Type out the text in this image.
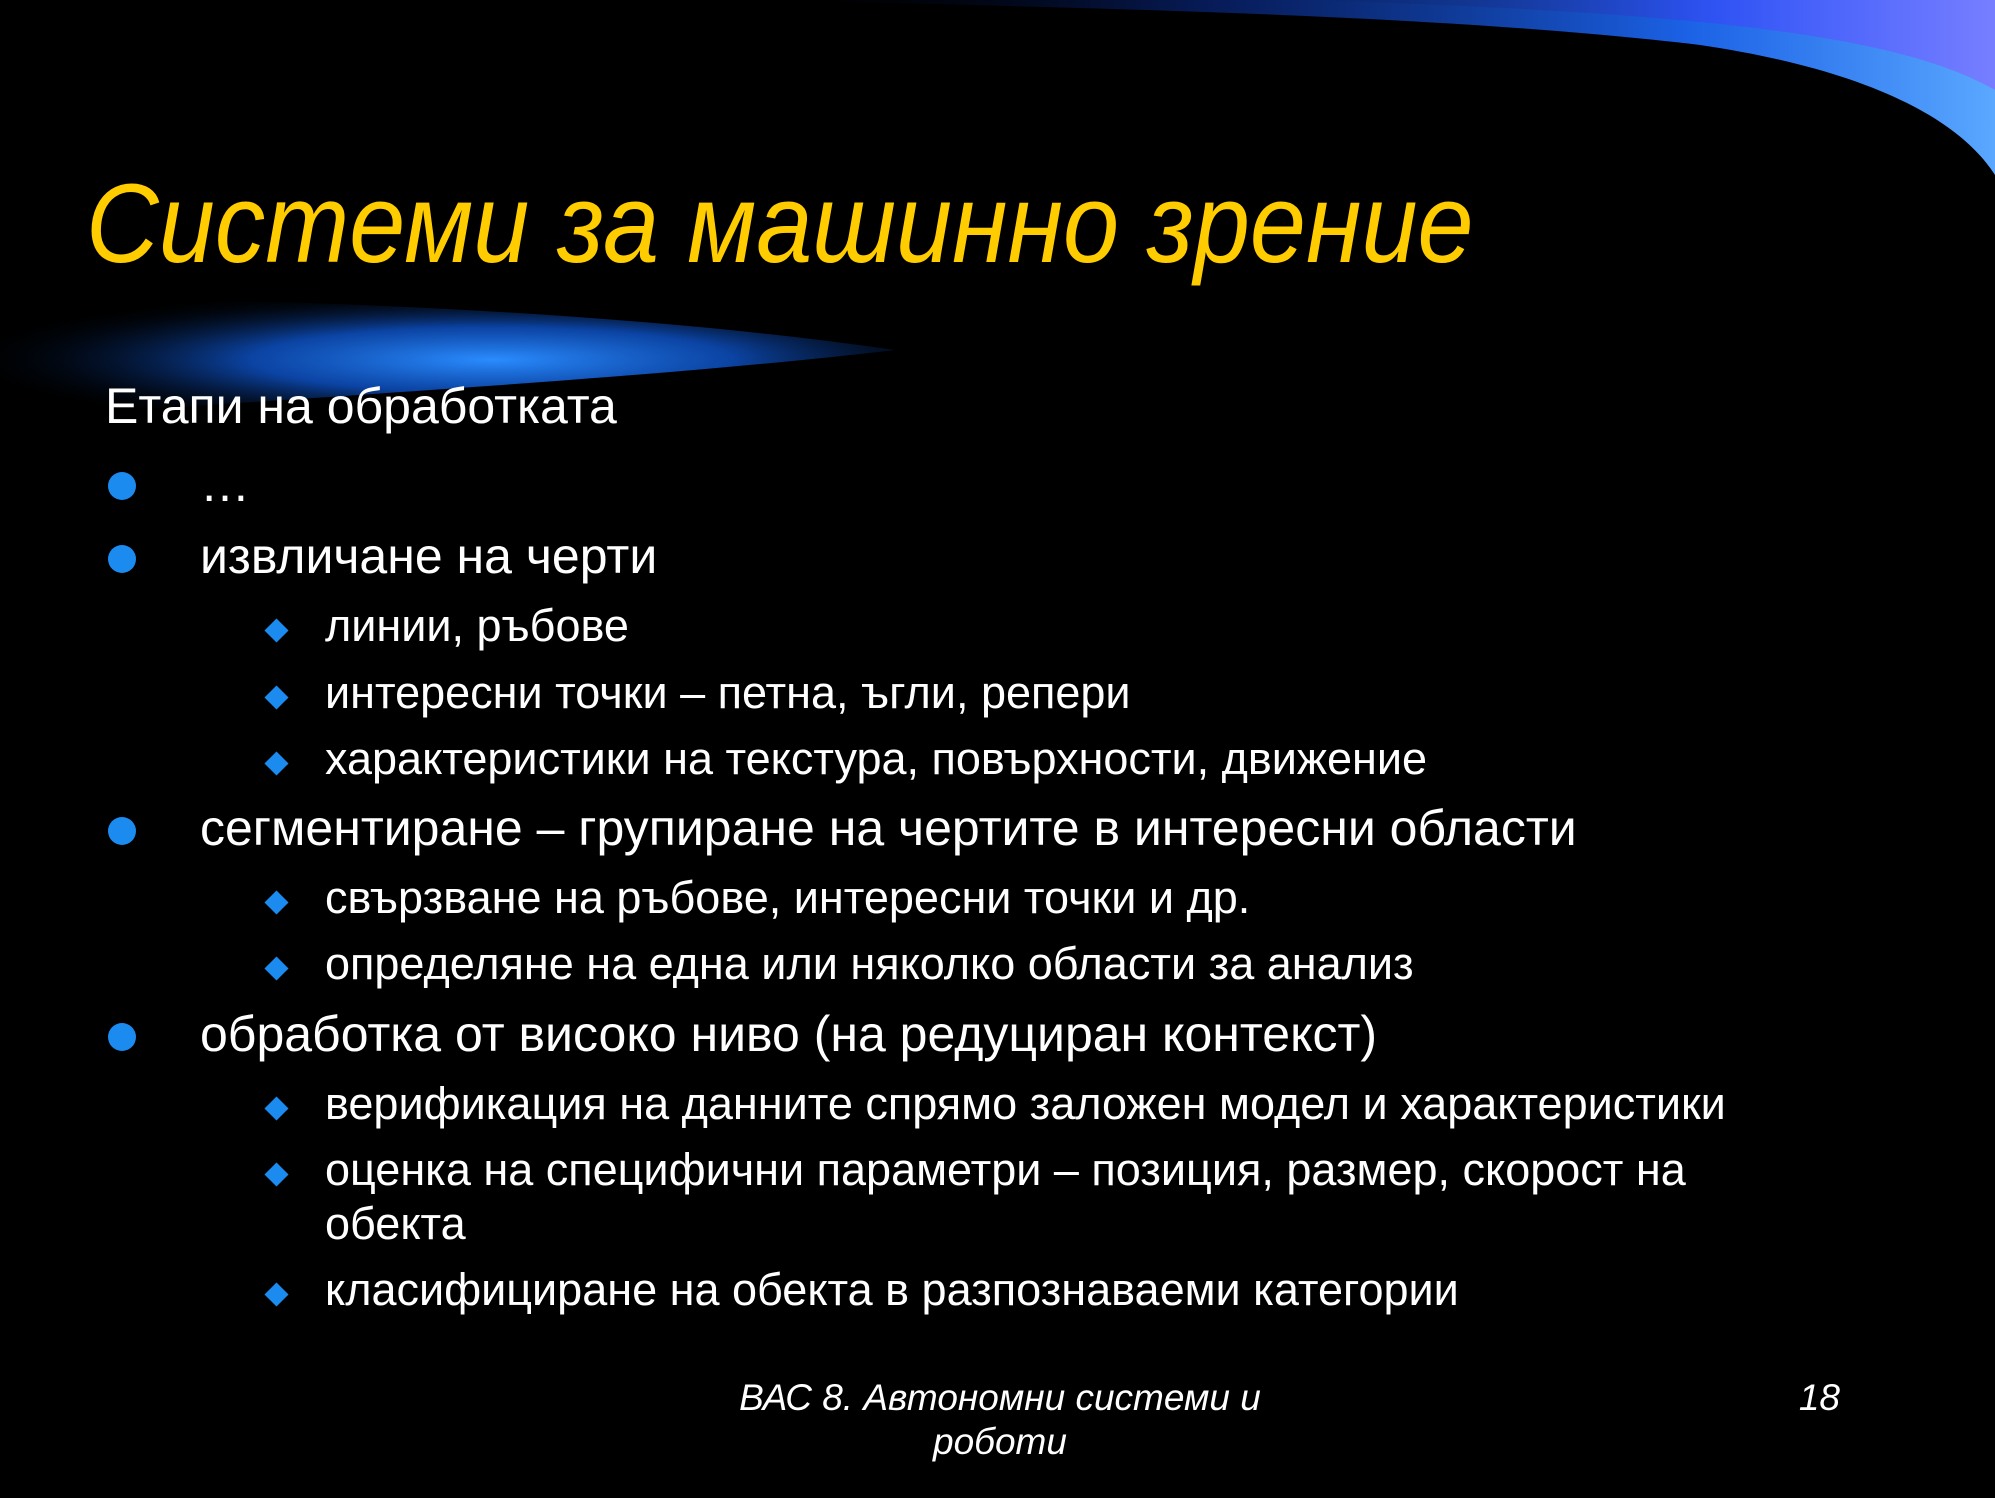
Системи за машинно зрение
Етапи на обработката
…
извличане на черти
линии, ръбове
интересни точки – петна, ъгли, репери
характеристики на текстура, повърхности, движение
сегментиране – групиране на чертите в интересни области
свързване на ръбове, интересни точки и др.
определяне на една или няколко области за анализ
обработка от високо ниво (на редуциран контекст)
верификация на данните спрямо заложен модел и характеристики
оценка на специфични параметри – позиция, размер, скорост на
обекта
класифициране на обекта в разпознаваеми категории
ВАС 8. Автономни системи и
роботи
18
